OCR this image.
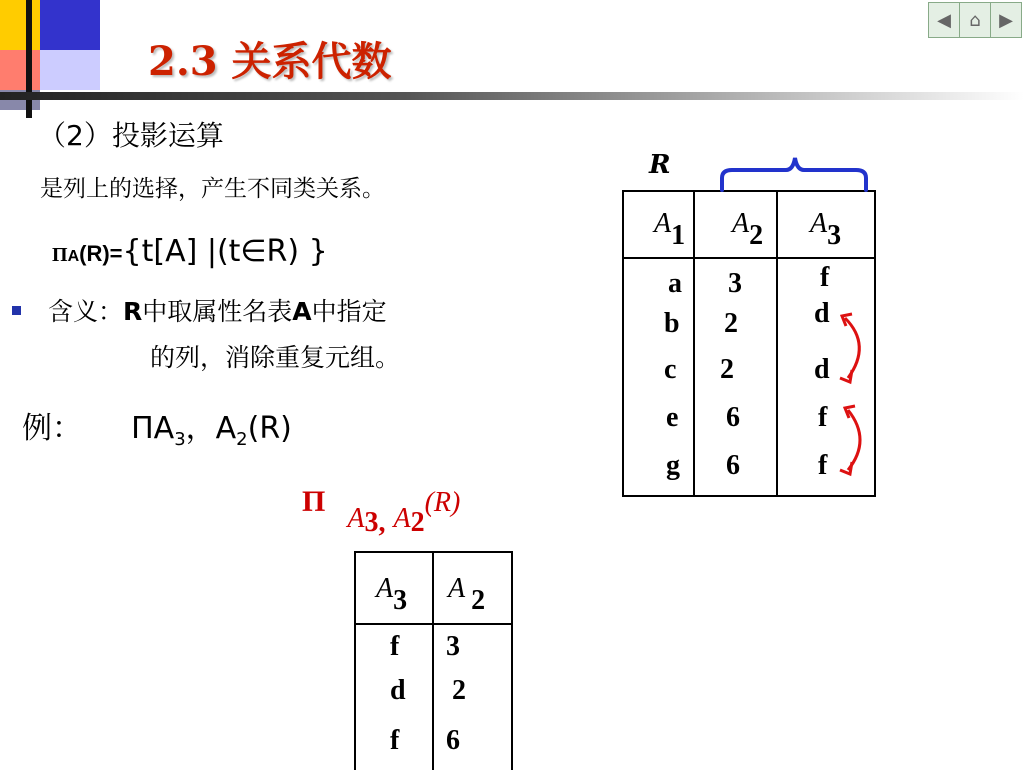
2.3 关系代数
◀	⌂	▶
（2）投影运算
是列上的选择，产生不同类关系。
ΠA(R)={t[A] |(t∈R) }
含义：R中取属性名表A中指定
的列，消除重复元组。
例： $\Pi A_3$，$A_2(R)$
Π  A3, A2(R)
R
A1 A2 A3
a 3	f
b 2	d
c 2	d
e 6	f
g 6	f
A3 A 2
f 3
d 2
f 6
